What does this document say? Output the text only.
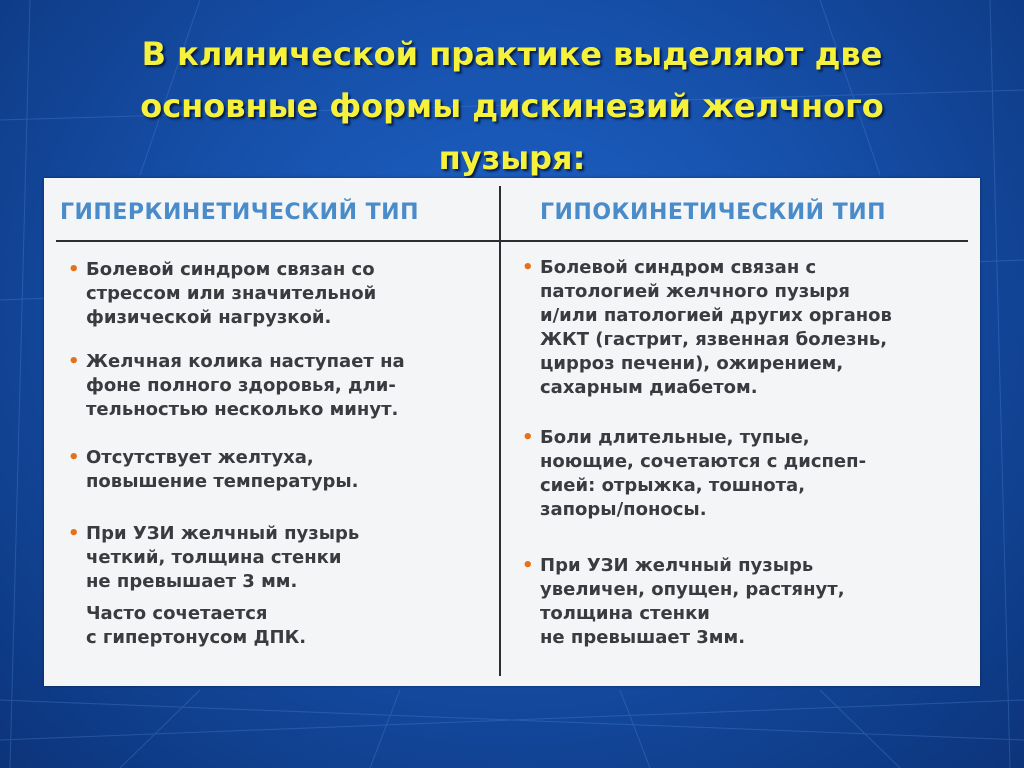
В клинической практике выделяют две
основные формы дискинезий желчного
пузыря:
ГИПЕРКИНЕТИЧЕСКИЙ ТИП	ГИПОКИНЕТИЧЕСКИЙ ТИП
• Болевой синдром связан со
стрессом или значительной
физической нагрузкой.
• Желчная колика наступает на
фоне полного здоровья, дли-
тельностью несколько минут.
• Отсутствует желтуха,
повышение температуры.
• При УЗИ желчный пузырь
четкий, толщина стенки
не превышает 3 мм.
Часто сочетается
с гипертонусом ДПК.
• Болевой синдром связан с
патологией желчного пузыря
и/или патологией других органов
ЖКТ (гастрит, язвенная болезнь,
цирроз печени), ожирением,
сахарным диабетом.
• Боли длительные, тупые,
ноющие, сочетаются с диспеп-
сией: отрыжка, тошнота,
запоры/поносы.
• При УЗИ желчный пузырь
увеличен, опущен, растянут,
толщина стенки
не превышает 3мм.
